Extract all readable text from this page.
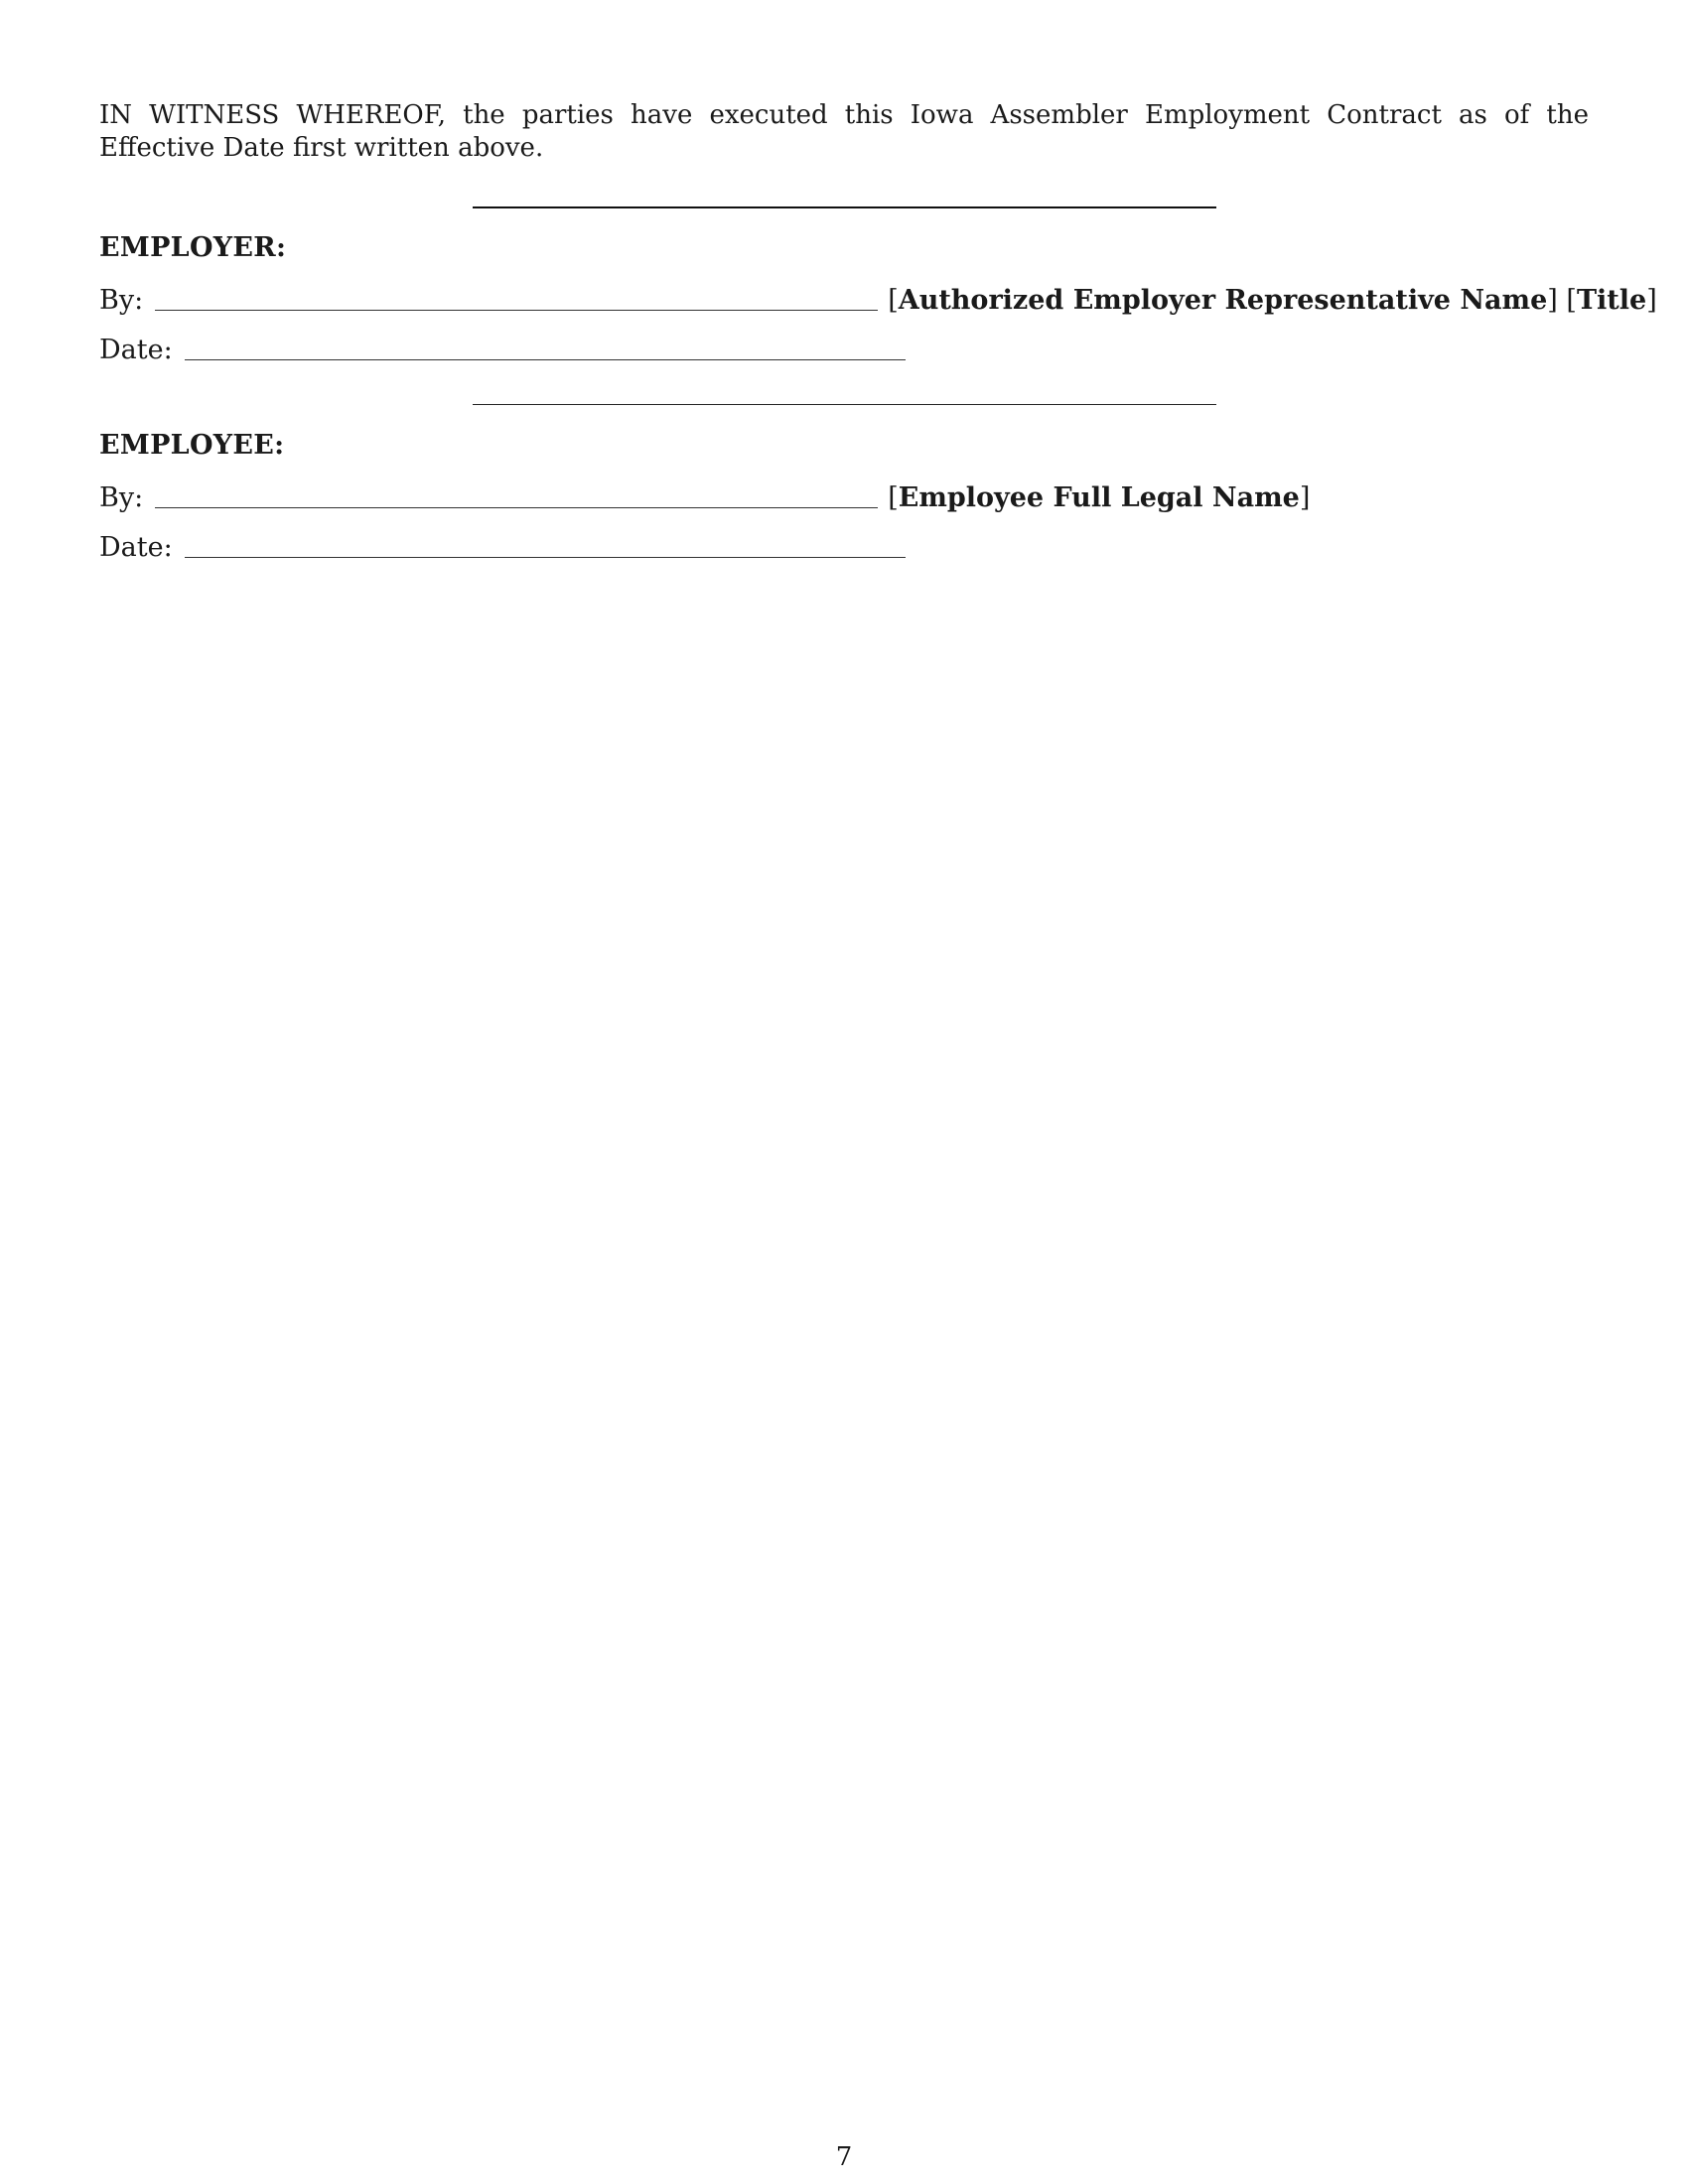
IN WITNESS WHEREOF, the parties have executed this Iowa Assembler Employment Contract as of the Effective Date first written above.
EMPLOYER:
By:	[Authorized Employer Representative Name] [Title]
Date:
EMPLOYEE:
By:	[Employee Full Legal Name]
Date:
7
